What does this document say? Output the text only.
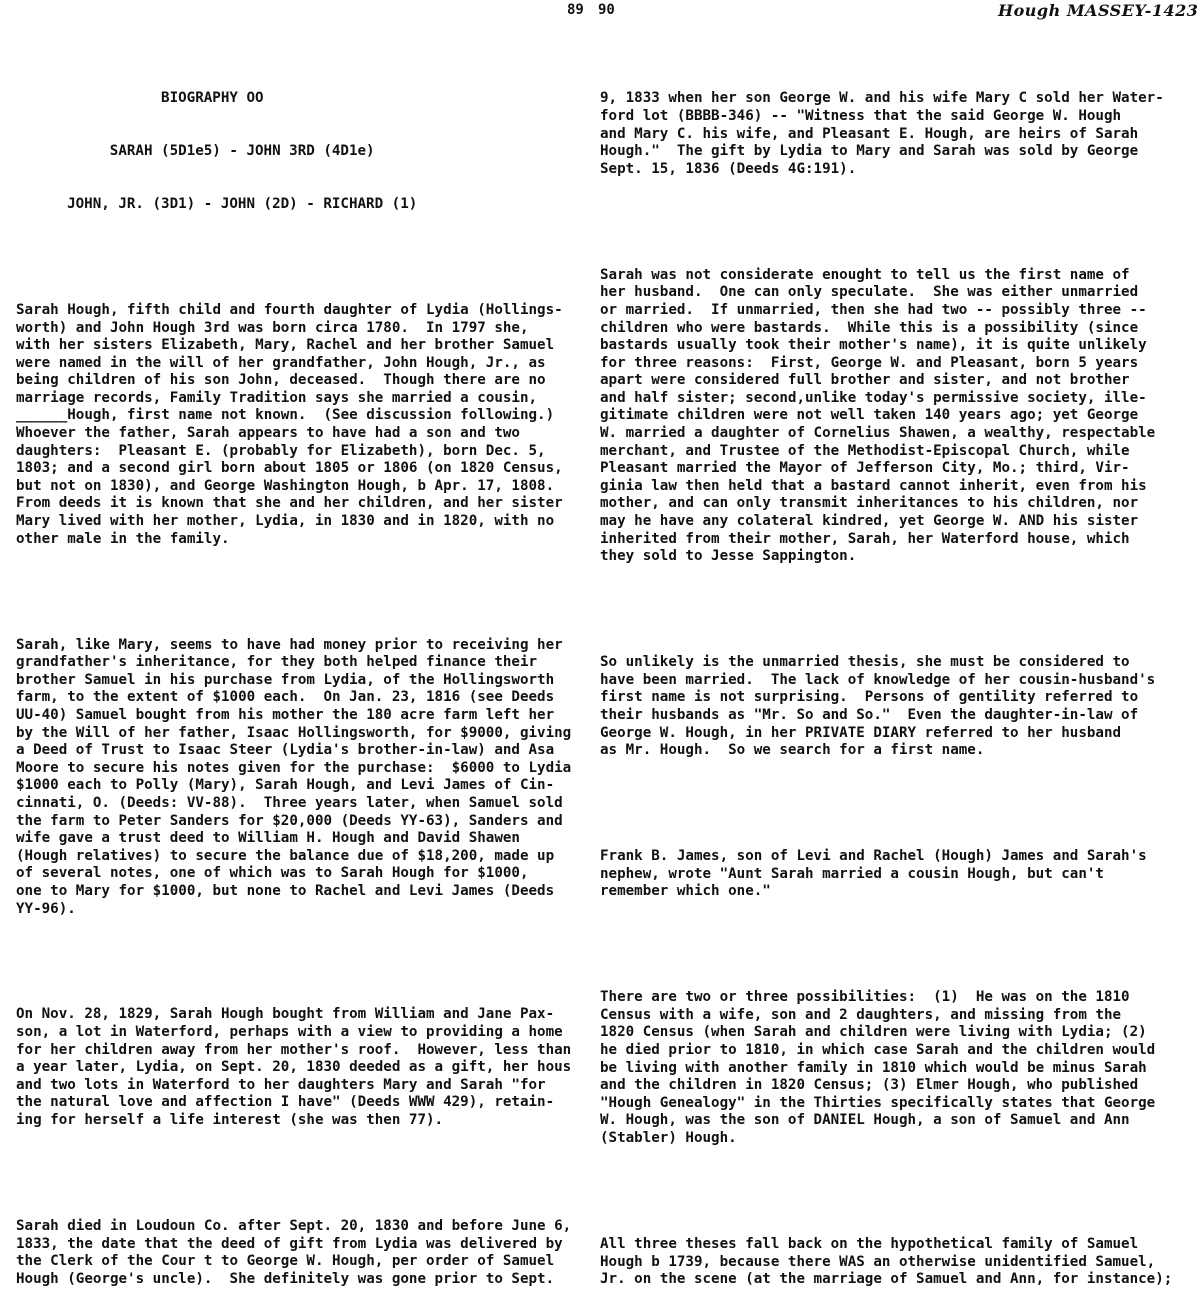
89 90	Hough MASSEY-1423

BIOGRAPHY OO

SARAH (5D1e5) - JOHN 3RD (4D1e)

JOHN, JR. (3D1) - JOHN (2D) - RICHARD (1)

Sarah Hough, fifth child and fourth daughter of Lydia (Hollings-
worth) and John Hough 3rd was born circa 1780.  In 1797 she,
with her sisters Elizabeth, Mary, Rachel and her brother Samuel
were named in the will of her grandfather, John Hough, Jr., as
being children of his son John, deceased.  Though there are no
marriage records, Family Tradition says she married a cousin,
______Hough, first name not known.  (See discussion following.)
Whoever the father, Sarah appears to have had a son and two
daughters:  Pleasant E. (probably for Elizabeth), born Dec. 5,
1803; and a second girl born about 1805 or 1806 (on 1820 Census,
but not on 1830), and George Washington Hough, b Apr. 17, 1808.
From deeds it is known that she and her children, and her sister
Mary lived with her mother, Lydia, in 1830 and in 1820, with no
other male in the family.

Sarah, like Mary, seems to have had money prior to receiving her
grandfather's inheritance, for they both helped finance their
brother Samuel in his purchase from Lydia, of the Hollingsworth
farm, to the extent of $1000 each.  On Jan. 23, 1816 (see Deeds
UU-40) Samuel bought from his mother the 180 acre farm left her
by the Will of her father, Isaac Hollingsworth, for $9000, giving
a Deed of Trust to Isaac Steer (Lydia's brother-in-law) and Asa
Moore to secure his notes given for the purchase:  $6000 to Lydia
$1000 each to Polly (Mary), Sarah Hough, and Levi James of Cin-
cinnati, O. (Deeds: VV-88).  Three years later, when Samuel sold
the farm to Peter Sanders for $20,000 (Deeds YY-63), Sanders and
wife gave a trust deed to William H. Hough and David Shawen
(Hough relatives) to secure the balance due of $18,200, made up
of several notes, one of which was to Sarah Hough for $1000,
one to Mary for $1000, but none to Rachel and Levi James (Deeds
YY-96).

On Nov. 28, 1829, Sarah Hough bought from William and Jane Pax-
son, a lot in Waterford, perhaps with a view to providing a home
for her children away from her mother's roof.  However, less than
a year later, Lydia, on Sept. 20, 1830 deeded as a gift, her hous
and two lots in Waterford to her daughters Mary and Sarah "for
the natural love and affection I have" (Deeds WWW 429), retain-
ing for herself a life interest (she was then 77).

Sarah died in Loudoun Co. after Sept. 20, 1830 and before June 6,
1833, the date that the deed of gift from Lydia was delivered by
the Clerk of the Cour t to George W. Hough, per order of Samuel
Hough (George's uncle).  She definitely was gone prior to Sept.

9, 1833 when her son George W. and his wife Mary C sold her Water-
ford lot (BBBB-346) -- "Witness that the said George W. Hough
and Mary C. his wife, and Pleasant E. Hough, are heirs of Sarah
Hough."  The gift by Lydia to Mary and Sarah was sold by George
Sept. 15, 1836 (Deeds 4G:191).

Sarah was not considerate enought to tell us the first name of
her husband.  One can only speculate.  She was either unmarried
or married.  If unmarried, then she had two -- possibly three --
children who were bastards.  While this is a possibility (since
bastards usually took their mother's name), it is quite unlikely
for three reasons:  First, George W. and Pleasant, born 5 years
apart were considered full brother and sister, and not brother
and half sister; second,unlike today's permissive society, ille-
gitimate children were not well taken 140 years ago; yet George
W. married a daughter of Cornelius Shawen, a wealthy, respectable
merchant, and Trustee of the Methodist-Episcopal Church, while
Pleasant married the Mayor of Jefferson City, Mo.; third, Vir-
ginia law then held that a bastard cannot inherit, even from his
mother, and can only transmit inheritances to his children, nor
may he have any colateral kindred, yet George W. AND his sister
inherited from their mother, Sarah, her Waterford house, which
they sold to Jesse Sappington.

So unlikely is the unmarried thesis, she must be considered to
have been married.  The lack of knowledge of her cousin-husband's
first name is not surprising.  Persons of gentility referred to
their husbands as "Mr. So and So."  Even the daughter-in-law of
George W. Hough, in her PRIVATE DIARY referred to her husband
as Mr. Hough.  So we search for a first name.

Frank B. James, son of Levi and Rachel (Hough) James and Sarah's
nephew, wrote "Aunt Sarah married a cousin Hough, but can't
remember which one."

There are two or three possibilities:  (1)  He was on the 1810
Census with a wife, son and 2 daughters, and missing from the
1820 Census (when Sarah and children were living with Lydia; (2)
he died prior to 1810, in which case Sarah and the children would
be living with another family in 1810 which would be minus Sarah
and the children in 1820 Census; (3) Elmer Hough, who published
"Hough Genealogy" in the Thirties specifically states that George
W. Hough, was the son of DANIEL Hough, a son of Samuel and Ann
(Stabler) Hough.

All three theses fall back on the hypothetical family of Samuel
Hough b 1739, because there WAS an otherwise unidentified Samuel,
Jr. on the scene (at the marriage of Samuel and Ann, for instance);
